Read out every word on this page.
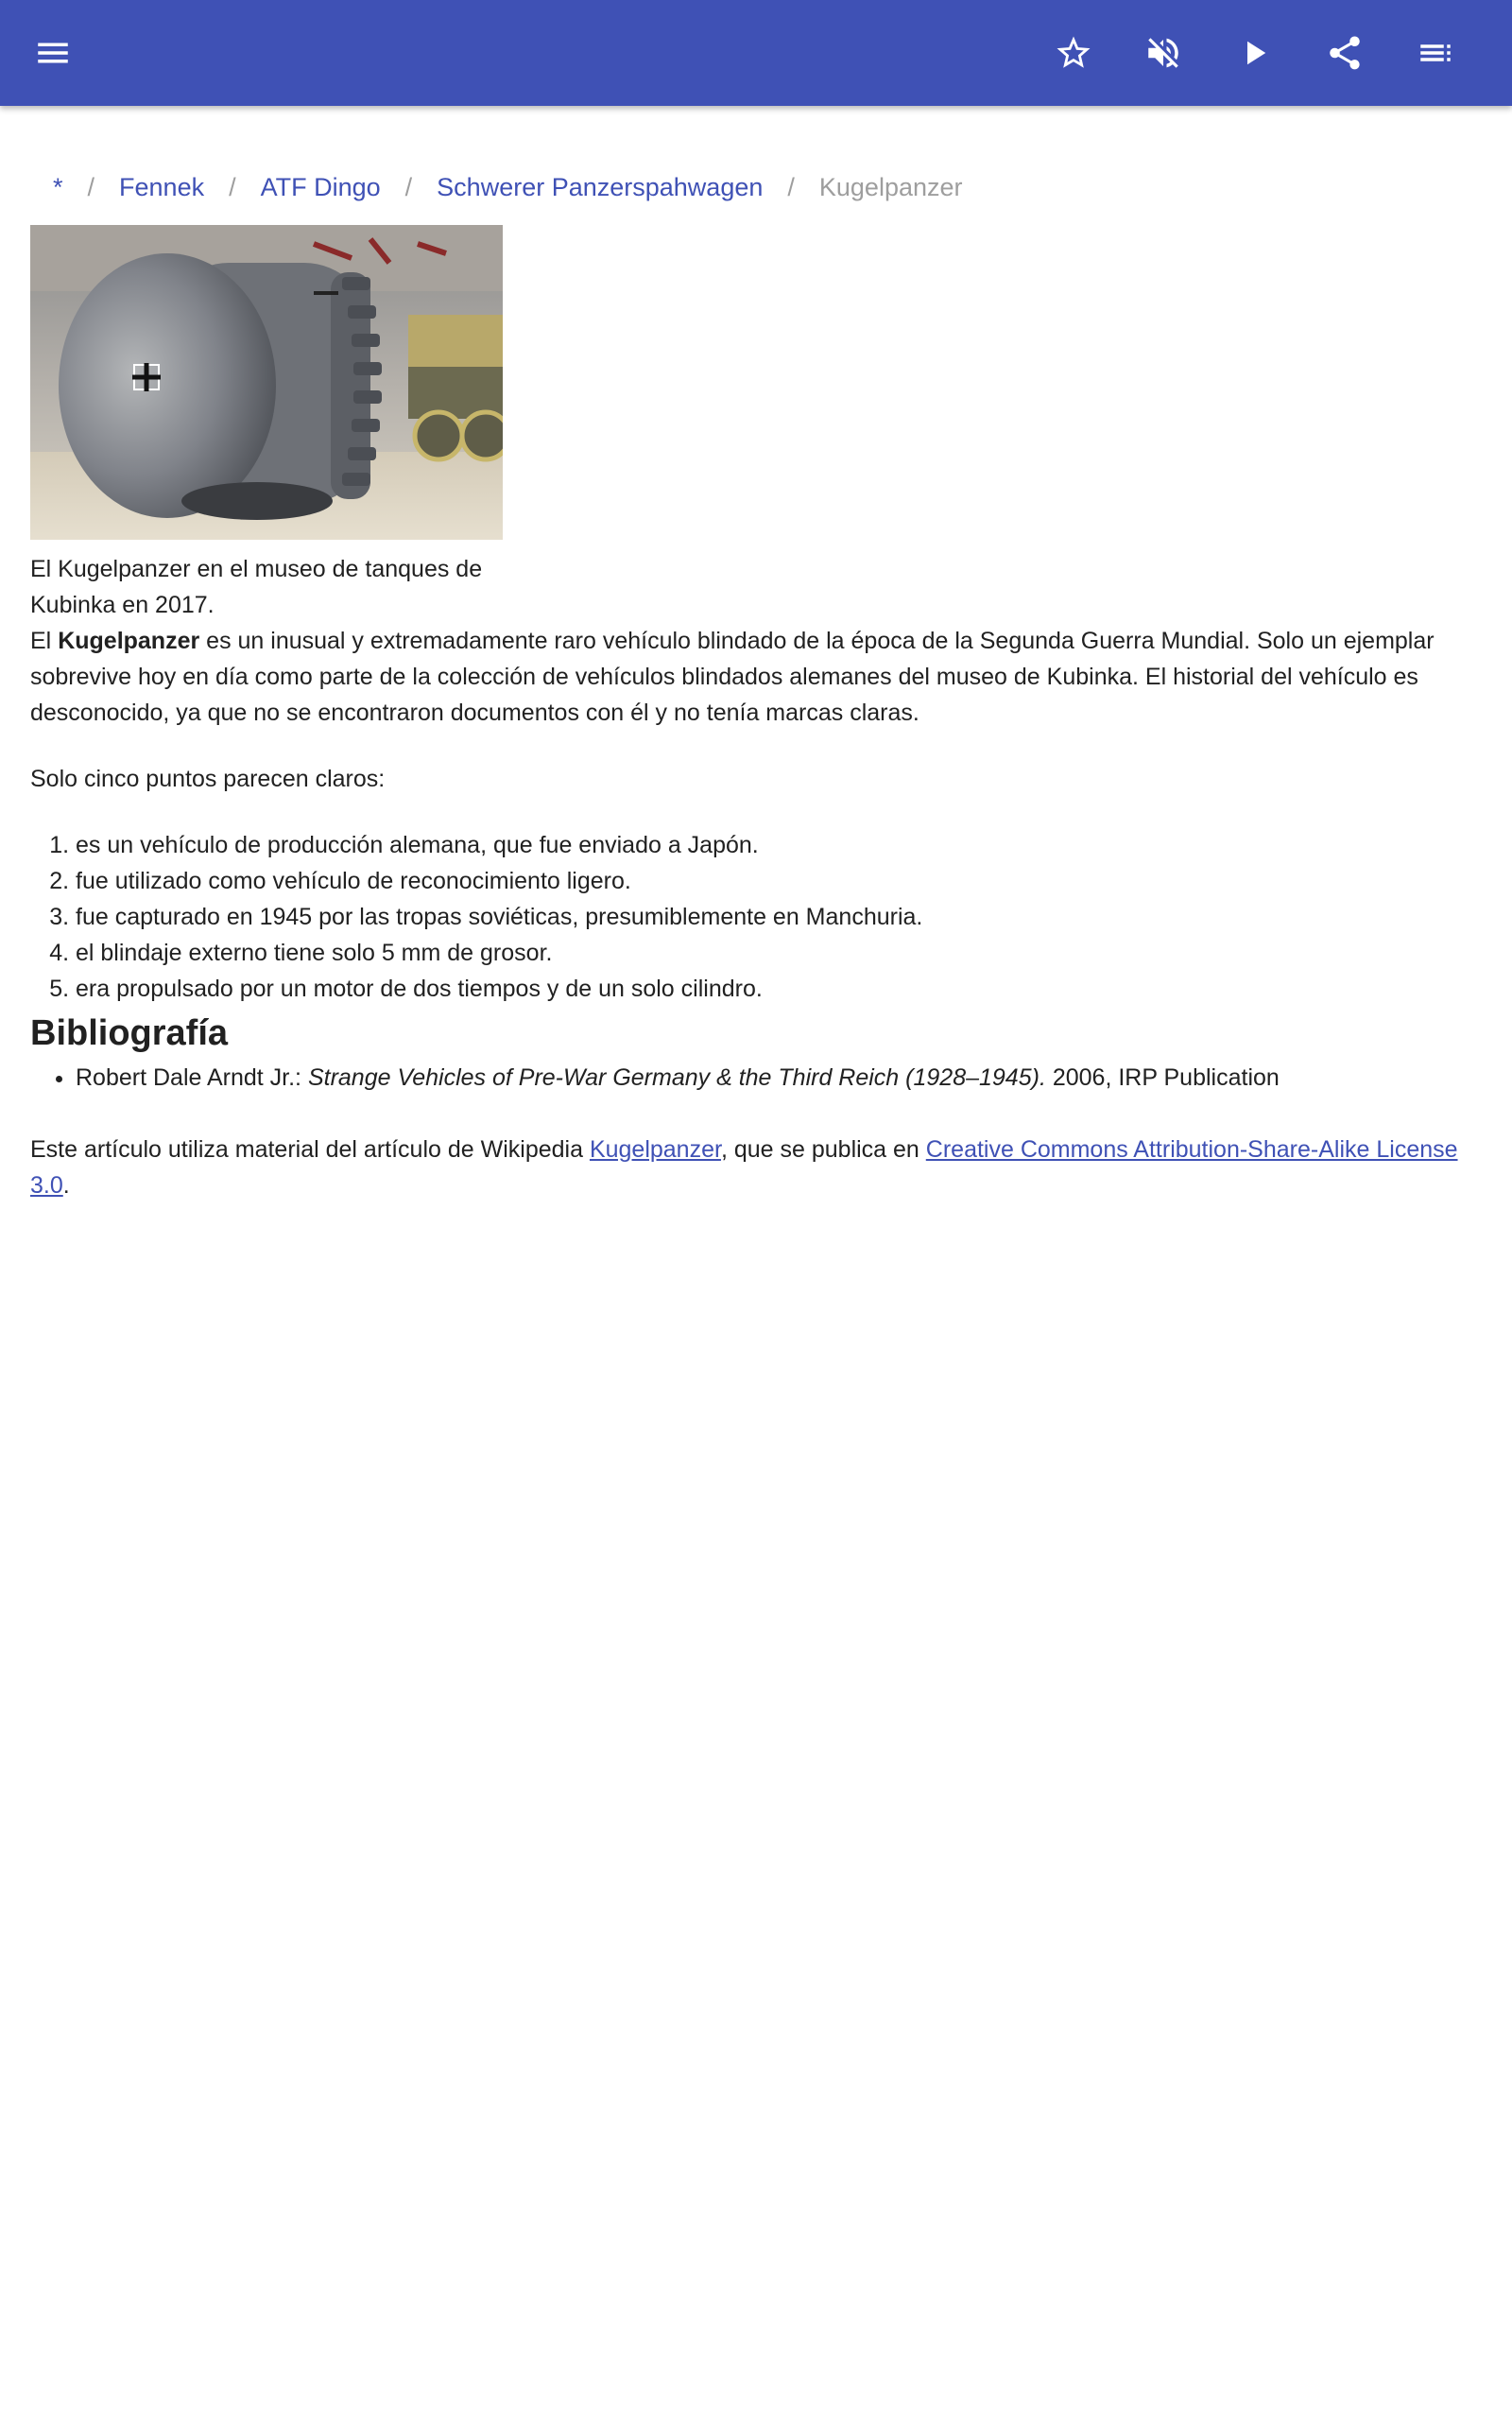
* / Fennek / ATF Dingo / Schwerer Panzerspahwagen / Kugelpanzer
El Kugelpanzer en el museo de tanques de Kubinka en 2017.

El Kugelpanzer es un inusual y extremadamente raro vehículo blindado de la época de la Segunda Guerra Mundial. Solo un ejemplar sobrevive hoy en día como parte de la colección de vehículos blindados alemanes del museo de Kubinka. El historial del vehículo es desconocido, ya que no se encontraron documentos con él y no tenía marcas claras.

Solo cinco puntos parecen claros:

1. es un vehículo de producción alemana, que fue enviado a Japón.
2. fue utilizado como vehículo de reconocimiento ligero.
3. fue capturado en 1945 por las tropas soviéticas, presumiblemente en Manchuria.
4. el blindaje externo tiene solo 5 mm de grosor.
5. era propulsado por un motor de dos tiempos y de un solo cilindro.
Bibliografía
• Robert Dale Arndt Jr.: Strange Vehicles of Pre-War Germany & the Third Reich (1928–1945). 2006, IRP Publication

Este artículo utiliza material del artículo de Wikipedia Kugelpanzer, que se publica en Creative Commons Attribution-Share-Alike License 3.0.
